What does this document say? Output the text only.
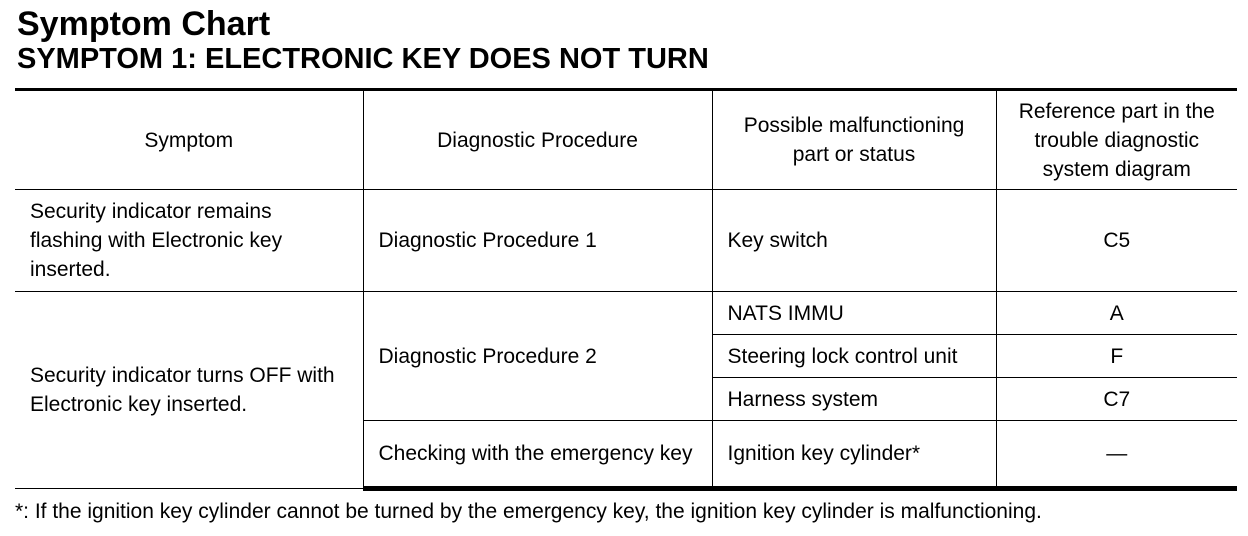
Symptom Chart
SYMPTOM 1: ELECTRONIC KEY DOES NOT TURN
Symptom	Diagnostic Procedure	Possible malfunctioning part or status	Reference part in the trouble diagnostic system diagram
Security indicator remains flashing with Electronic key inserted.	Diagnostic Procedure 1	Key switch	C5
Security indicator turns OFF with Electronic key inserted.	Diagnostic Procedure 2	NATS IMMU	A
		Steering lock control unit	F
		Harness system	C7
	Checking with the emergency key	Ignition key cylinder*	—
*: If the ignition key cylinder cannot be turned by the emergency key, the ignition key cylinder is malfunctioning.
